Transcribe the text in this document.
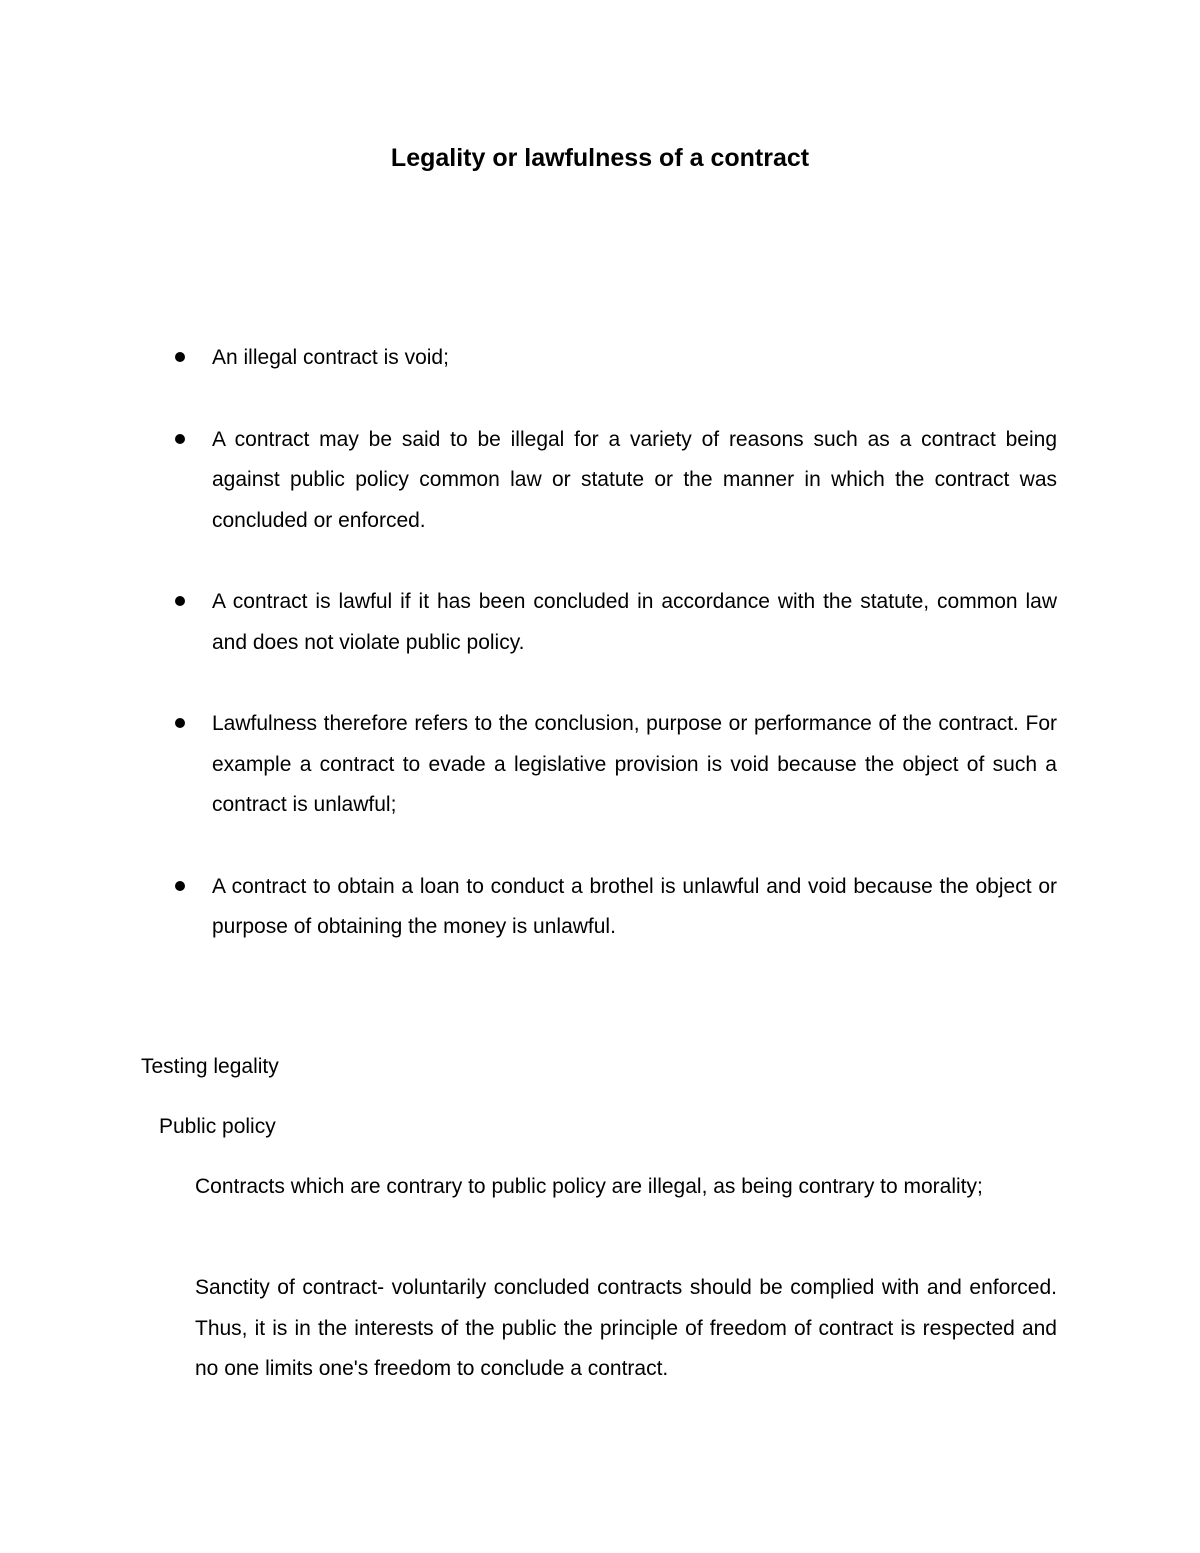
Legality or lawfulness of a contract
An illegal contract is void;
A contract may be said to be illegal for a variety of reasons such as a contract being against public policy common law or statute or the manner in which the contract was concluded or enforced.
A contract is lawful if it has been concluded in accordance with the statute, common law and does not violate public policy.
Lawfulness therefore refers to the conclusion, purpose or performance of the contract. For example a contract to evade a legislative provision is void because the object of such a contract is unlawful;
A contract to obtain a loan to conduct a brothel is unlawful and void because the object or purpose of obtaining the money is unlawful.
Testing legality
Public policy
Contracts which are contrary to public policy are illegal, as being contrary to morality;
Sanctity of contract- voluntarily concluded contracts should be complied with and enforced. Thus, it is in the interests of the public the principle of freedom of contract is respected and no one limits one's freedom to conclude a contract.
